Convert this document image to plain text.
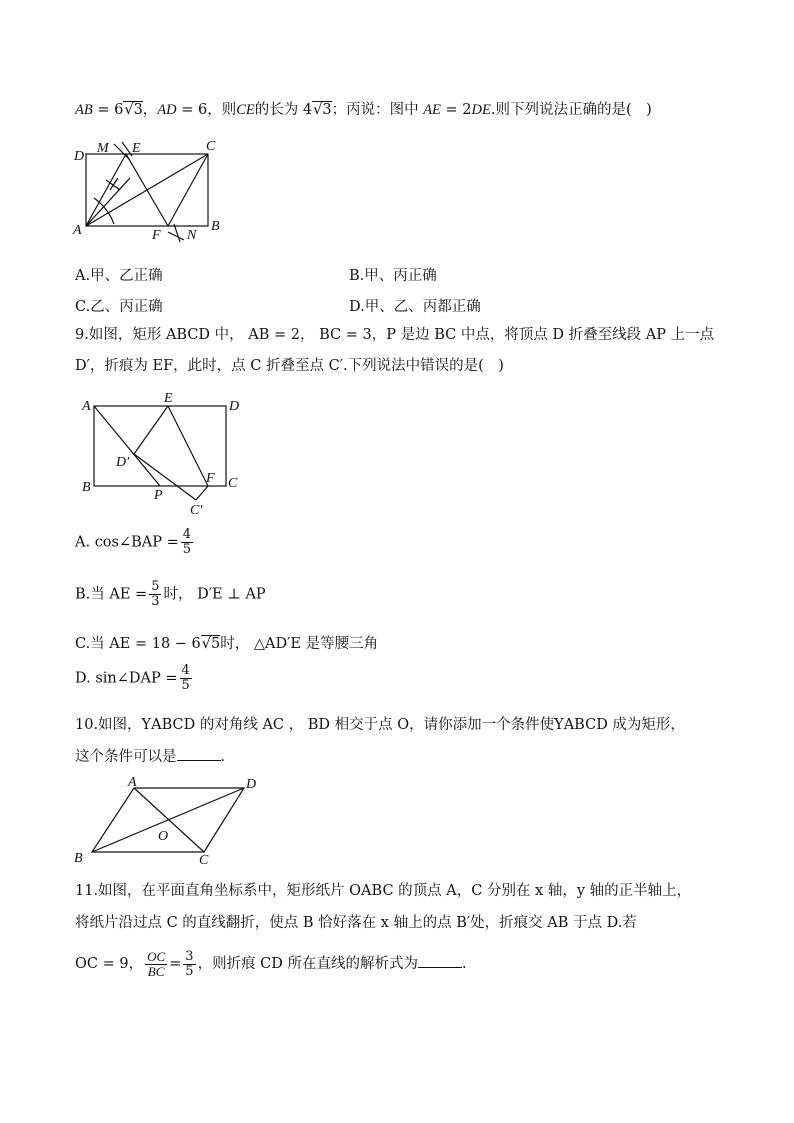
AB = 6√3，AD = 6，则CE的长为 4√3；丙说：图中 AE = 2DE.则下列说法正确的是(　)
D
M E	C
A	F N
B
A.甲、乙正确	B.甲、丙正确
C.乙、丙正确	D.甲、乙、丙都正确
9.如图，矩形 ABCD 中， AB = 2， BC = 3，P 是边 BC 中点，将顶点 D 折叠至线段 AP 上一点
D′，折痕为 EF，此时，点 C 折叠至点 C′.下列说法中错误的是(　)
A
E
D
D′
B
P
F C
C′
A. cos∠BAP = $\frac{4}{5}$
B.当 AE = $\frac{5}{3}$ 时， D′E ⊥ AP
C.当 AE = 18 − 6√5时， △AD′E 是等腰三角
D. sin∠DAP = $\frac{4}{5}$
10.如图，ΥABCD 的对角线 AC ， BD 相交于点 O，请你添加一个条件使ΥABCD 成为矩形，
这个条件可以是	.
A	D
O
B	C
11.如图，在平面直角坐标系中，矩形纸片 OABC 的顶点 A，C 分别在 x 轴，y 轴的正半轴上，
将纸片沿过点 C 的直线翻折，使点 B 恰好落在 x 轴上的点 B′处，折痕交 AB 于点 D.若
OC = 9， $\frac{OC}{BC} = \frac{3}{5}$ ，则折痕 CD 所在直线的解析式为	.
